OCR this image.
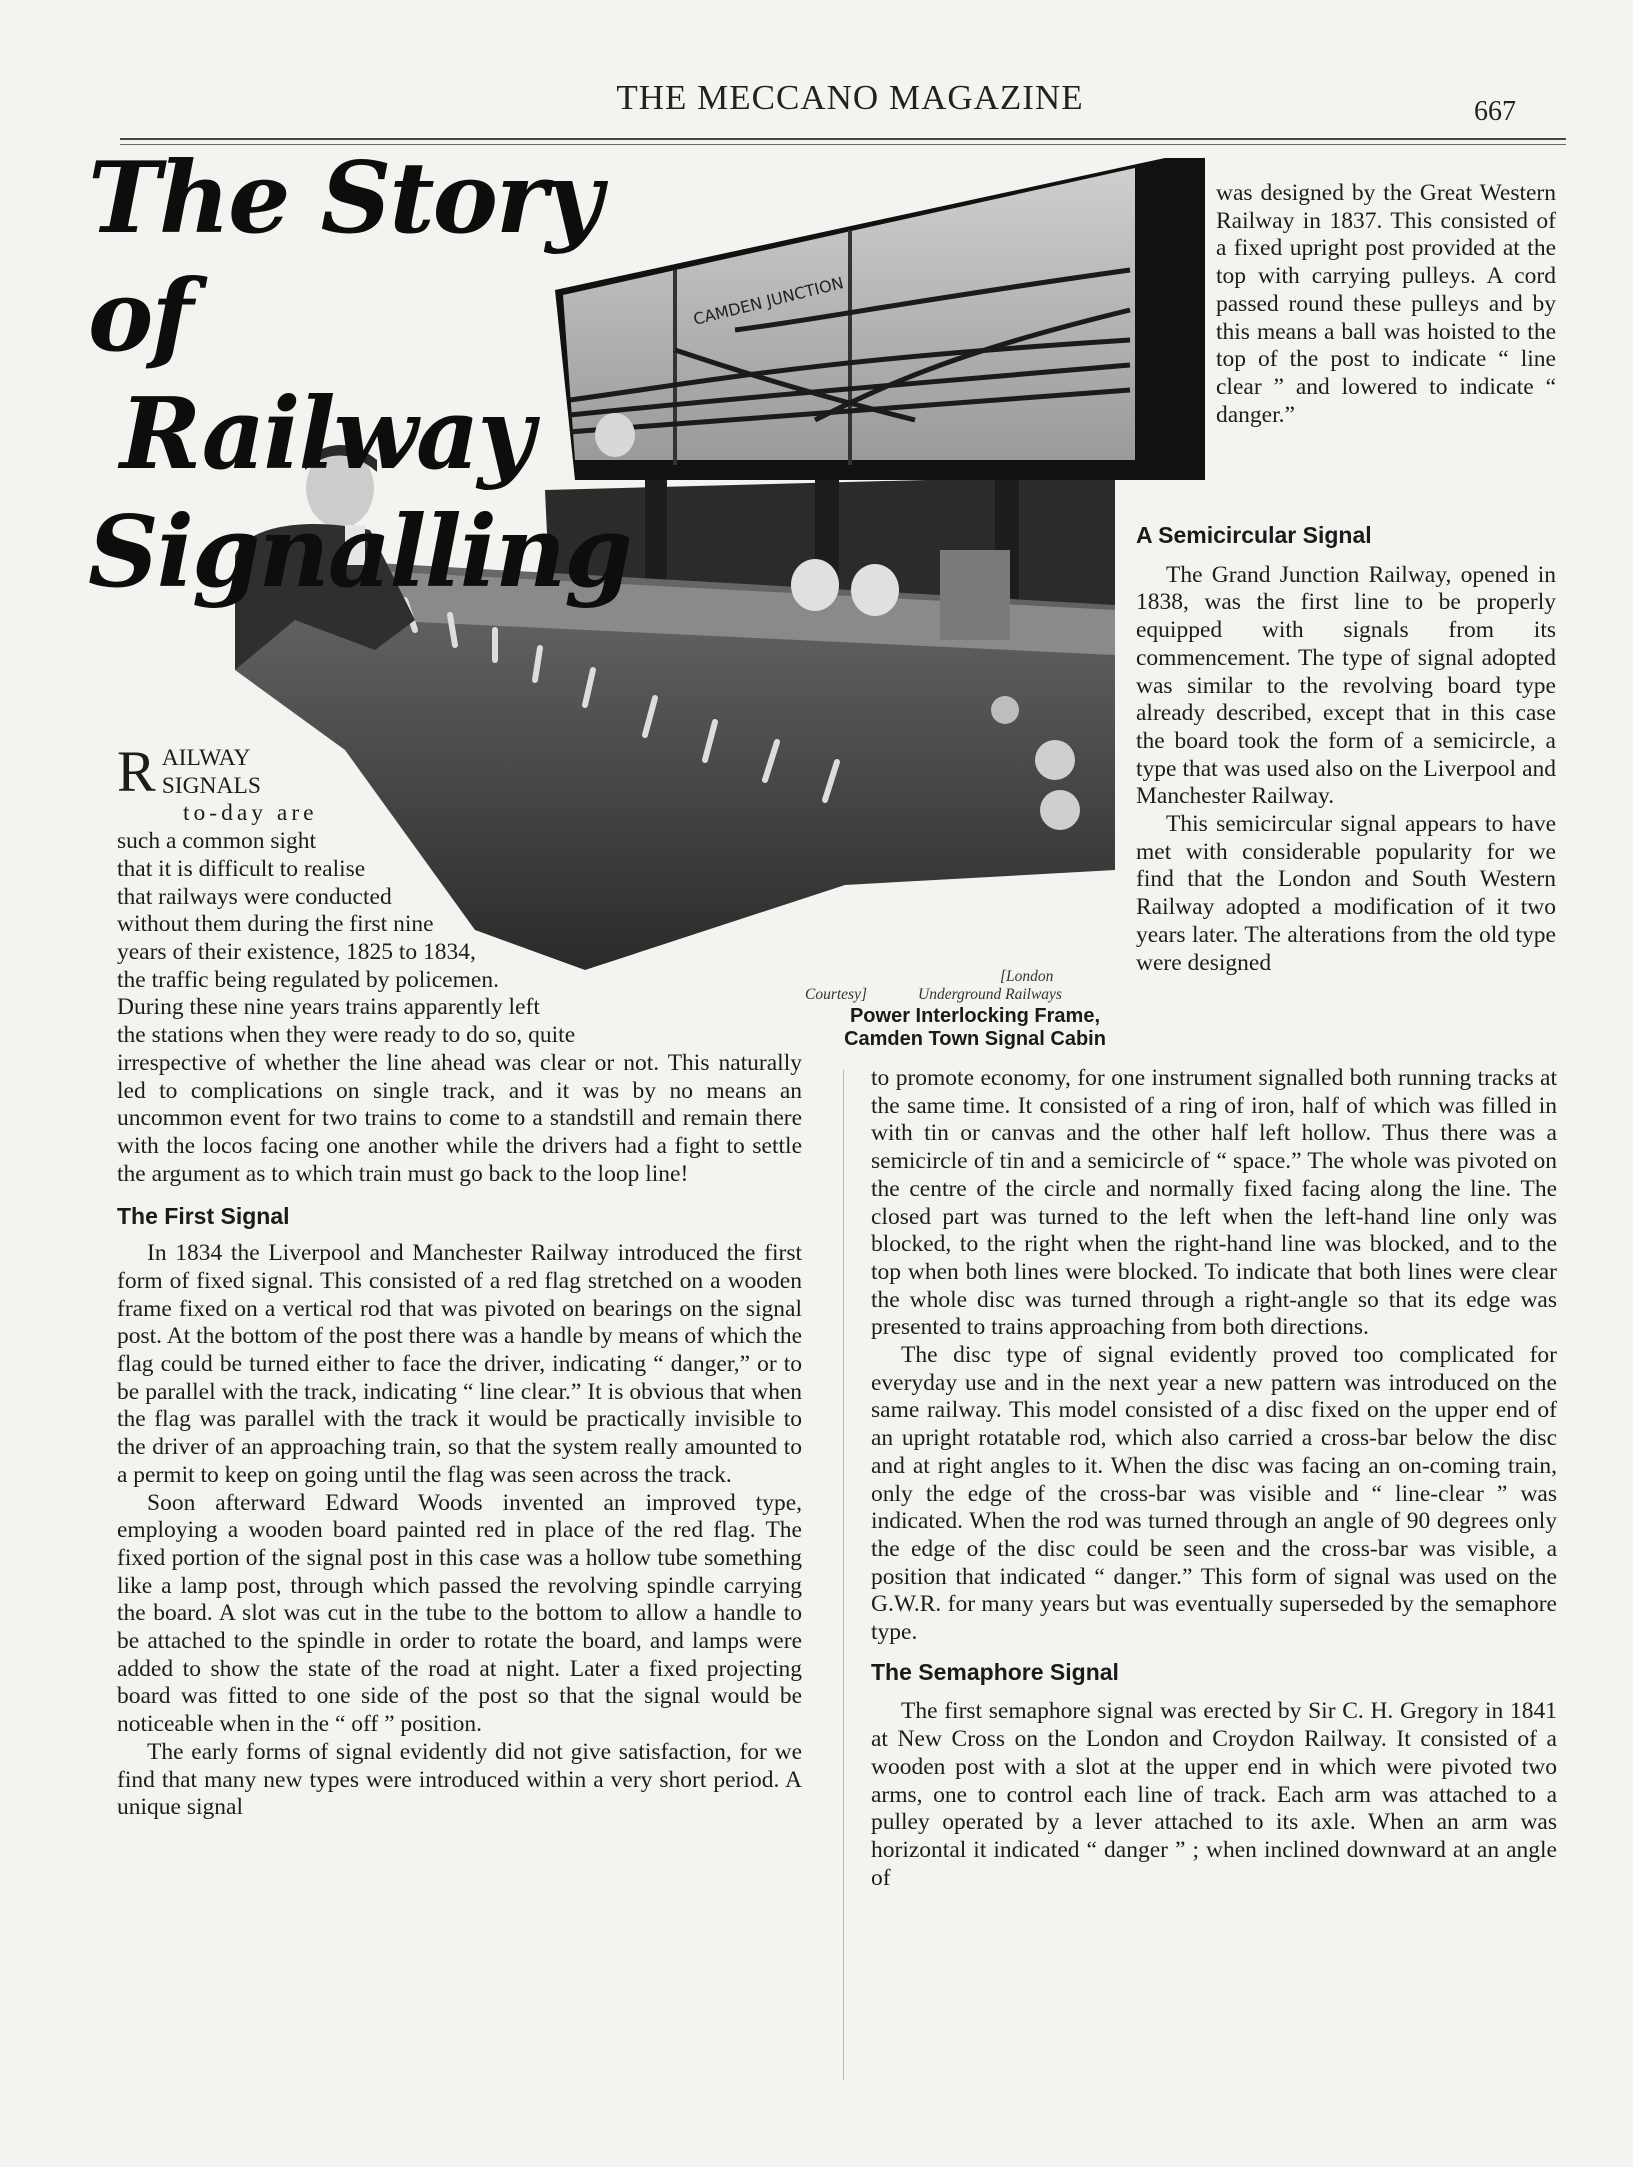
THE MECCANO MAGAZINE	667
CAMDEN JUNCTION
The Story of
Railway
Signalling
[London
Courtesy]	Underground Railways
Power Interlocking Frame,
Camden Town Signal Cabin
R AILWAY
SIGNALS
to-day are
such a common sight
that it is difficult to realise
that railways were conducted
without them during the first nine
years of their existence, 1825 to 1834,
the traffic being regulated by policemen.
During these nine years trains apparently left
the stations when they were ready to do so, quite

irrespective of whether the line ahead was clear or not. This naturally led to complications on single track, and it was by no means an uncommon event for two trains to come to a standstill and remain there with the locos facing one another while the drivers had a fight to settle the argument as to which train must go back to the loop line!

The First Signal

In 1834 the Liverpool and Manchester Railway introduced the first form of fixed signal. This consisted of a red flag stretched on a wooden frame fixed on a vertical rod that was pivoted on bearings on the signal post. At the bottom of the post there was a handle by means of which the flag could be turned either to face the driver, indicating “ danger,” or to be parallel with the track, indicating “ line clear.” It is obvious that when the flag was parallel with the track it would be practically invisible to the driver of an approaching train, so that the system really amounted to a permit to keep on going until the flag was seen across the track.

Soon afterward Edward Woods invented an improved type, employing a wooden board painted red in place of the red flag. The fixed portion of the signal post in this case was a hollow tube something like a lamp post, through which passed the revolving spindle carrying the board. A slot was cut in the tube to the bottom to allow a handle to be attached to the spindle in order to rotate the board, and lamps were added to show the state of the road at night. Later a fixed projecting board was fitted to one side of the post so that the signal would be noticeable when in the “ off ” position.

The early forms of signal evidently did not give satisfaction, for we find that many new types were introduced within a very short period. A unique signal

was designed by the Great Western Railway in 1837. This consisted of a fixed upright post provided at the top with carrying pulleys. A cord passed round these pulleys and by this means a ball was hoisted to the top of the post to indicate “ line clear ” and lowered to indicate “ danger.”

A Semicircular Signal

The Grand Junction Railway, opened in 1838, was the first line to be properly equipped with signals from its commencement. The type of signal adopted was similar to the revolving board type already described, except that in this case the board took the form of a semicircle, a type that was used also on the Liverpool and Manchester Railway.

This semicircular signal appears to have met with considerable popularity for we find that the London and South Western Railway adopted a modification of it two years later. The alterations from the old type were designed

to promote economy, for one instrument signalled both running tracks at the same time. It consisted of a ring of iron, half of which was filled in with tin or canvas and the other half left hollow. Thus there was a semicircle of tin and a semicircle of “ space.” The whole was pivoted on the centre of the circle and normally fixed facing along the line. The closed part was turned to the left when the left-hand line only was blocked, to the right when the right-hand line was blocked, and to the top when both lines were blocked. To indicate that both lines were clear the whole disc was turned through a right-angle so that its edge was presented to trains approaching from both directions.

The disc type of signal evidently proved too complicated for everyday use and in the next year a new pattern was introduced on the same railway. This model consisted of a disc fixed on the upper end of an upright rotatable rod, which also carried a cross-bar below the disc and at right angles to it. When the disc was facing an on-coming train, only the edge of the cross-bar was visible and “ line-clear ” was indicated. When the rod was turned through an angle of 90 degrees only the edge of the disc could be seen and the cross-bar was visible, a position that indicated “ danger.” This form of signal was used on the G.W.R. for many years but was eventually superseded by the semaphore type.

The Semaphore Signal

The first semaphore signal was erected by Sir C. H. Gregory in 1841 at New Cross on the London and Croydon Railway. It consisted of a wooden post with a slot at the upper end in which were pivoted two arms, one to control each line of track. Each arm was attached to a pulley operated by a lever attached to its axle. When an arm was horizontal it indicated “ danger ” ; when inclined downward at an angle of
